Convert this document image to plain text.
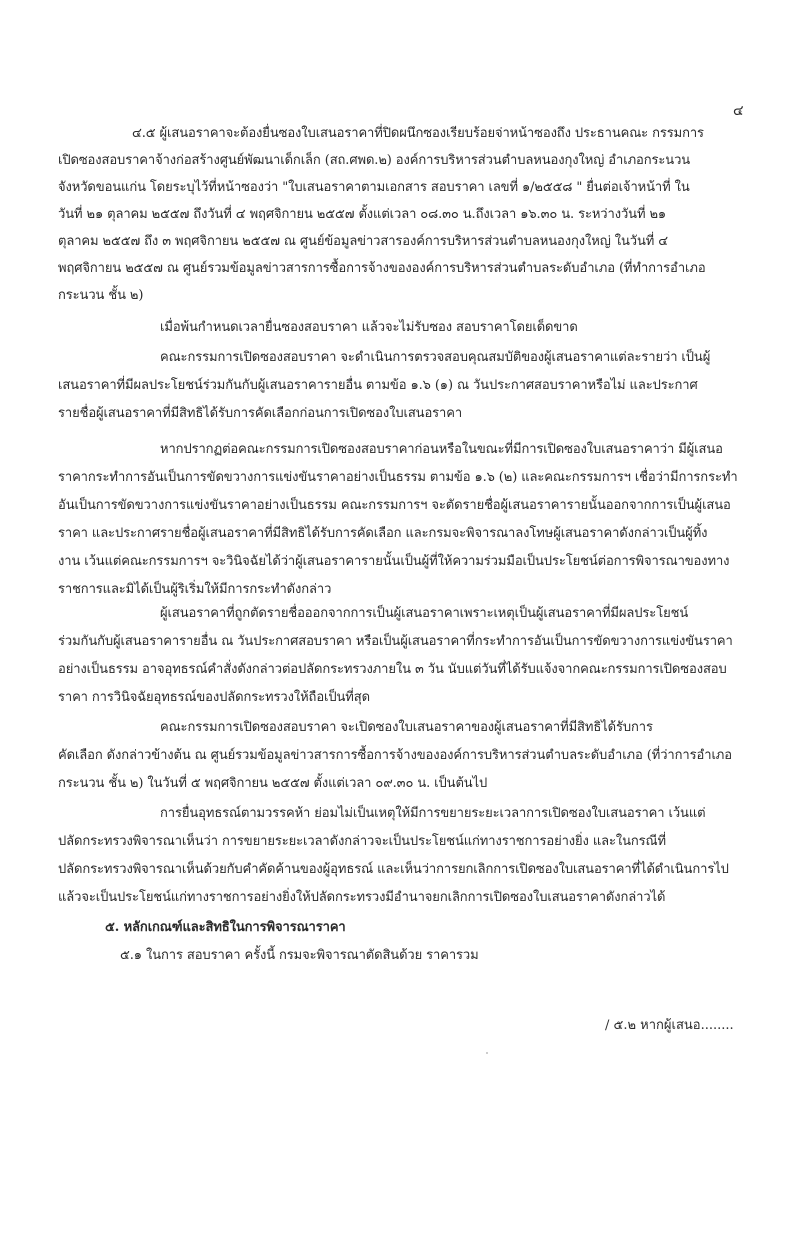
๔
๔.๕ ผู้เสนอราคาจะต้องยื่นซองใบเสนอราคาที่ปิดผนึกซองเรียบร้อยจ่าหน้าซองถึง ประธานคณะ กรรมการ
เปิดซองสอบราคาจ้างก่อสร้างศูนย์พัฒนาเด็กเล็ก (สถ.ศพด.๒) องค์การบริหารส่วนตำบลหนองกุงใหญ่ อำเภอกระนวน
จังหวัดขอนแก่น โดยระบุไว้ที่หน้าซองว่า "ใบเสนอราคาตามเอกสาร สอบราคา เลขที่ ๑/๒๕๕๘ " ยื่นต่อเจ้าหน้าที่ ใน
วันที่ ๒๑ ตุลาคม ๒๕๕๗ ถึงวันที่ ๔ พฤศจิกายน ๒๕๕๗ ตั้งแต่เวลา ๐๘.๓๐ น.ถึงเวลา ๑๖.๓๐ น. ระหว่างวันที่ ๒๑
ตุลาคม ๒๕๕๗ ถึง ๓ พฤศจิกายน ๒๕๕๗ ณ ศูนย์ข้อมูลข่าวสารองค์การบริหารส่วนตำบลหนองกุงใหญ่ ในวันที่ ๔
พฤศจิกายน ๒๕๕๗ ณ ศูนย์รวมข้อมูลข่าวสารการซื้อการจ้างขององค์การบริหารส่วนตำบลระดับอำเภอ (ที่ทำการอำเภอ
กระนวน ชั้น ๒)
เมื่อพ้นกำหนดเวลายื่นซองสอบราคา แล้วจะไม่รับซอง สอบราคาโดยเด็ดขาด
คณะกรรมการเปิดซองสอบราคา จะดำเนินการตรวจสอบคุณสมบัติของผู้เสนอราคาแต่ละรายว่า เป็นผู้
เสนอราคาที่มีผลประโยชน์ร่วมกันกับผู้เสนอราคารายอื่น ตามข้อ ๑.๖ (๑) ณ วันประกาศสอบราคาหรือไม่ และประกาศ
รายชื่อผู้เสนอราคาที่มีสิทธิได้รับการคัดเลือกก่อนการเปิดซองใบเสนอราคา
หากปรากฏต่อคณะกรรมการเปิดซองสอบราคาก่อนหรือในขณะที่มีการเปิดซองใบเสนอราคาว่า มีผู้เสนอ
ราคากระทำการอันเป็นการขัดขวางการแข่งขันราคาอย่างเป็นธรรม ตามข้อ ๑.๖ (๒) และคณะกรรมการฯ เชื่อว่ามีการกระทำ
อันเป็นการขัดขวางการแข่งขันราคาอย่างเป็นธรรม คณะกรรมการฯ จะตัดรายชื่อผู้เสนอราคารายนั้นออกจากการเป็นผู้เสนอ
ราคา และประกาศรายชื่อผู้เสนอราคาที่มีสิทธิได้รับการคัดเลือก และกรมจะพิจารณาลงโทษผู้เสนอราคาดังกล่าวเป็นผู้ทิ้ง
งาน เว้นแต่คณะกรรมการฯ จะวินิจฉัยได้ว่าผู้เสนอราคารายนั้นเป็นผู้ที่ให้ความร่วมมือเป็นประโยชน์ต่อการพิจารณาของทาง
ราชการและมิได้เป็นผู้ริเริ่มให้มีการกระทำดังกล่าว
ผู้เสนอราคาที่ถูกตัดรายชื่อออกจากการเป็นผู้เสนอราคาเพราะเหตุเป็นผู้เสนอราคาที่มีผลประโยชน์
ร่วมกันกับผู้เสนอราคารายอื่น ณ วันประกาศสอบราคา หรือเป็นผู้เสนอราคาที่กระทำการอันเป็นการขัดขวางการแข่งขันราคา
อย่างเป็นธรรม อาจอุทธรณ์คำสั่งดังกล่าวต่อปลัดกระทรวงภายใน ๓ วัน นับแต่วันที่ได้รับแจ้งจากคณะกรรมการเปิดซองสอบ
ราคา การวินิจฉัยอุทธรณ์ของปลัดกระทรวงให้ถือเป็นที่สุด
คณะกรรมการเปิดซองสอบราคา จะเปิดซองใบเสนอราคาของผู้เสนอราคาที่มีสิทธิได้รับการ
คัดเลือก ดังกล่าวข้างต้น ณ ศูนย์รวมข้อมูลข่าวสารการซื้อการจ้างขององค์การบริหารส่วนตำบลระดับอำเภอ (ที่ว่าการอำเภอ
กระนวน ชั้น ๒) ในวันที่ ๕ พฤศจิกายน ๒๕๕๗ ตั้งแต่เวลา ๐๙.๓๐ น. เป็นต้นไป
การยื่นอุทธรณ์ตามวรรคห้า ย่อมไม่เป็นเหตุให้มีการขยายระยะเวลาการเปิดซองใบเสนอราคา เว้นแต่
ปลัดกระทรวงพิจารณาเห็นว่า การขยายระยะเวลาดังกล่าวจะเป็นประโยชน์แก่ทางราชการอย่างยิ่ง และในกรณีที่
ปลัดกระทรวงพิจารณาเห็นด้วยกับคำคัดค้านของผู้อุทธรณ์ และเห็นว่าการยกเลิกการเปิดซองใบเสนอราคาที่ได้ดำเนินการไป
แล้วจะเป็นประโยชน์แก่ทางราชการอย่างยิ่งให้ปลัดกระทรวงมีอำนาจยกเลิกการเปิดซองใบเสนอราคาดังกล่าวได้
๕. หลักเกณฑ์และสิทธิในการพิจารณาราคา
๕.๑ ในการ สอบราคา ครั้งนี้ กรมจะพิจารณาตัดสินด้วย ราคารวม
/ ๕.๒ หากผู้เสนอ........
